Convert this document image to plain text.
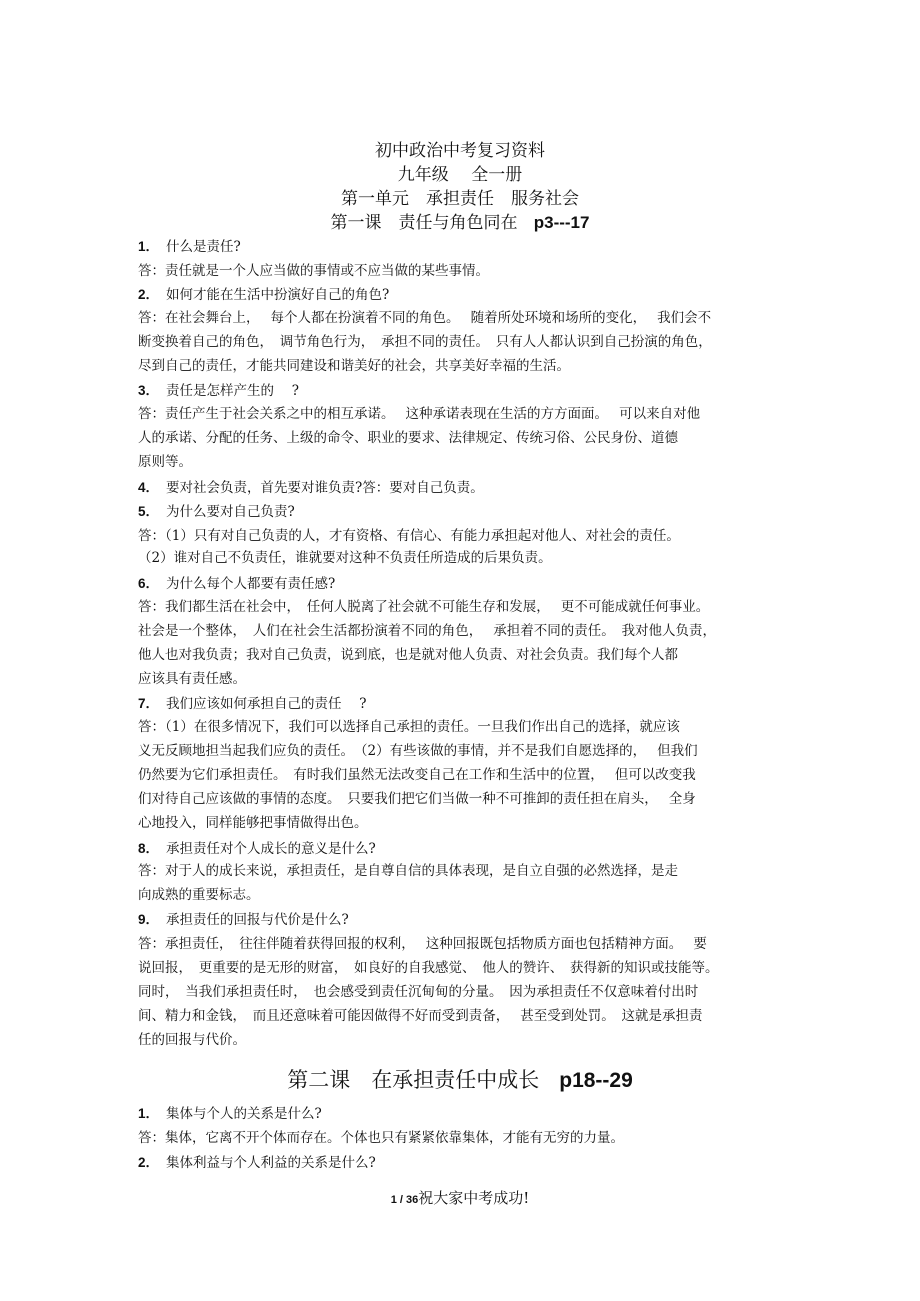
初中政治中考复习资料
九年级　 全一册
第一单元　承担责任　服务社会
第一课　责任与角色同在 p3---17
1． 什么是责任?
答：责任就是一个人应当做的事情或不应当做的某些事情。
2． 如何才能在生活中扮演好自己的角色?
答：在社会舞台上，　 每个人都在扮演着不同的角色。　 随着所处环境和场所的变化，　 我们会不
断变换着自己的角色，　调节角色行为，　承担不同的责任。　只有人人都认识到自己扮演的角色，
尽到自己的责任，才能共同建设和谐美好的社会，共享美好幸福的生活。
3． 责任是怎样产生的　 ?
答：责任产生于社会关系之中的相互承诺。　 这种承诺表现在生活的方方面面。　 可以来自对他
人的承诺、分配的任务、上级的命令、职业的要求、法律规定、传统习俗、公民身份、道德
原则等。
4． 要对社会负责，首先要对谁负责?答：要对自己负责。
5． 为什么要对自己负责?
答：（1）只有对自己负责的人，才有资格、有信心、有能力承担起对他人、对社会的责任。
（2）谁对自己不负责任，谁就要对这种不负责任所造成的后果负责。
6． 为什么每个人都要有责任感?
答：我们都生活在社会中，　任何人脱离了社会就不可能生存和发展，　 更不可能成就任何事业。
社会是一个整体，　人们在社会生活都扮演着不同的角色，　 承担着不同的责任。　我对他人负责，
他人也对我负责；我对自己负责，说到底，也是就对他人负责、对社会负责。我们每个人都
应该具有责任感。
7． 我们应该如何承担自己的责任　 ?
答：（1）在很多情况下，我们可以选择自己承担的责任。一旦我们作出自己的选择，就应该
义无反顾地担当起我们应负的责任。　（2）有些该做的事情，并不是我们自愿选择的，　 但我们
仍然要为它们承担责任。　有时我们虽然无法改变自己在工作和生活中的位置，　 但可以改变我
们对待自己应该做的事情的态度。　只要我们把它们当做一种不可推卸的责任担在肩头，　 全身
心地投入，同样能够把事情做得出色。
8． 承担责任对个人成长的意义是什么?
答：对于人的成长来说，承担责任，是自尊自信的具体表现，是自立自强的必然选择，是走
向成熟的重要标志。
9． 承担责任的回报与代价是什么?
答：承担责任，　往往伴随着获得回报的权利，　 这种回报既包括物质方面也包括精神方面。　 要
说回报，　更重要的是无形的财富，　如良好的自我感觉、　他人的赞许、　获得新的知识或技能等。
同时，　当我们承担责任时，　也会感受到责任沉甸甸的分量。　因为承担责任不仅意味着付出时
间、精力和金钱，　而且还意味着可能因做得不好而受到责备，　 甚至受到处罚。　这就是承担责
任的回报与代价。
第二课　在承担责任中成长 p18--29
1． 集体与个人的关系是什么?
答：集体，它离不开个体而存在。个体也只有紧紧依靠集体，才能有无穷的力量。
2． 集体利益与个人利益的关系是什么?
1 / 36祝大家中考成功!
